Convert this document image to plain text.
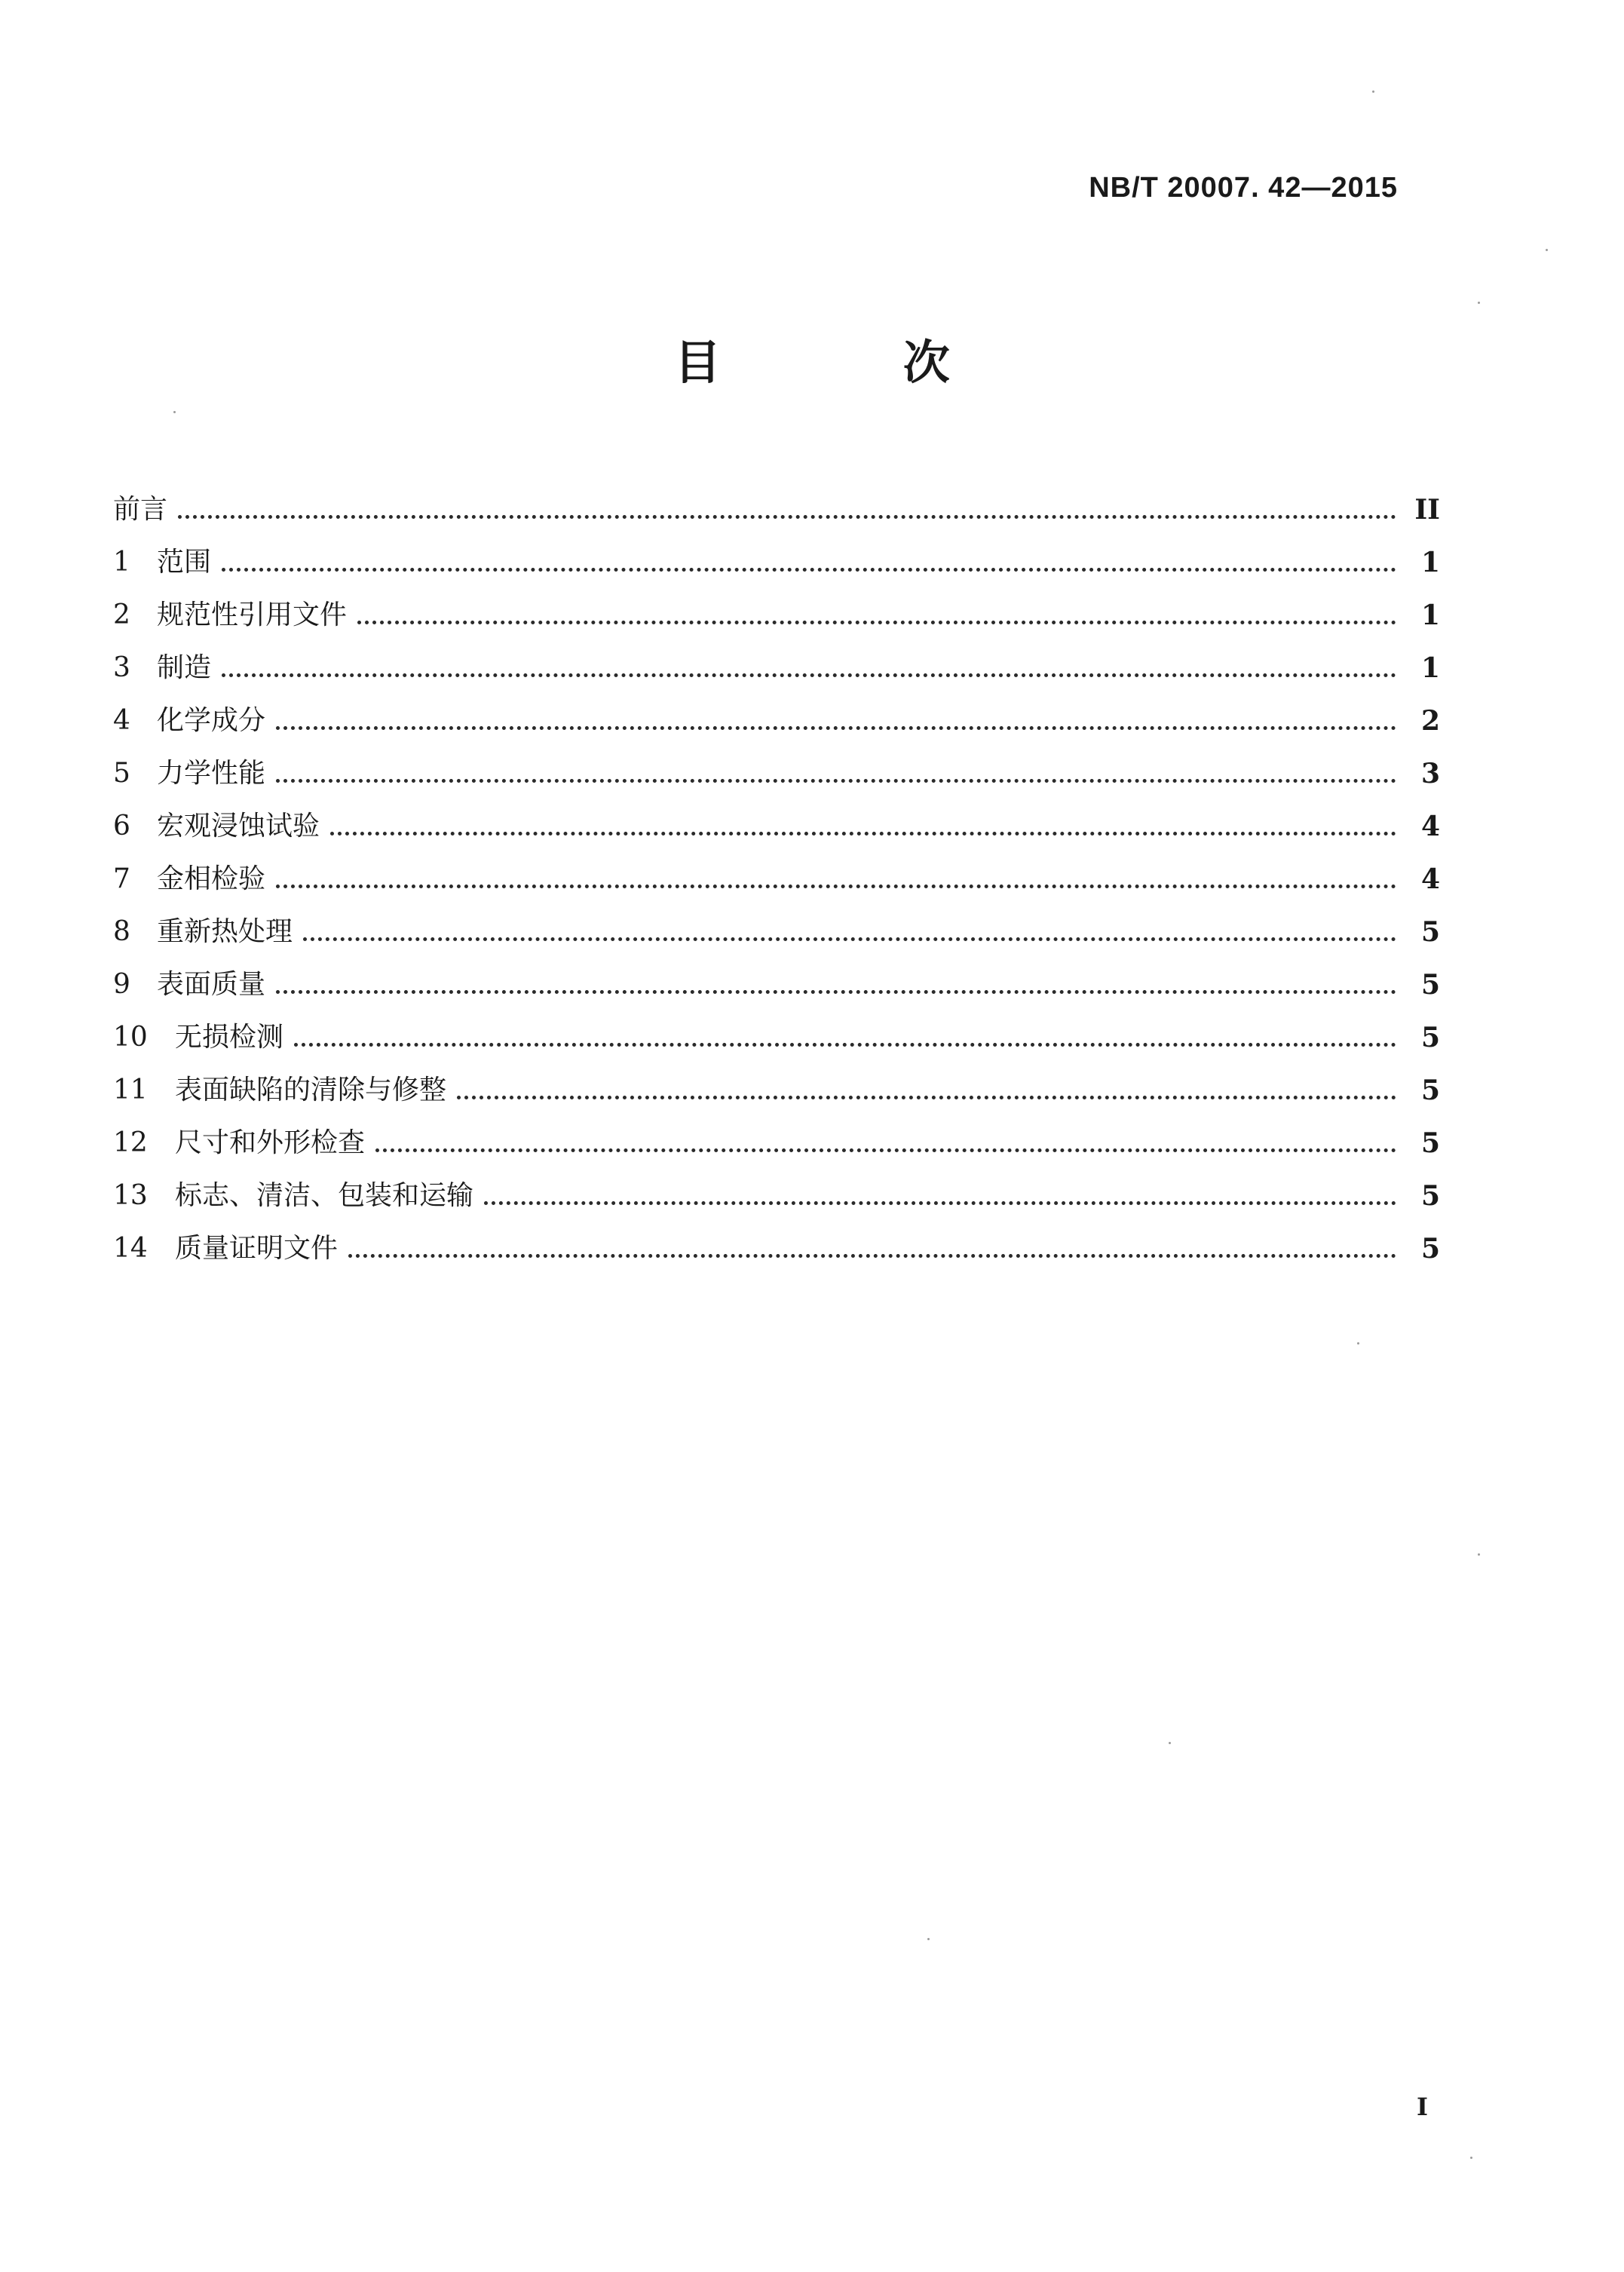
NB/T 20007. 42—2015

目 次
前言	II
1 范围	1
2 规范性引用文件	1
3 制造	1
4 化学成分	2
5 力学性能	3
6 宏观浸蚀试验	4
7 金相检验	4
8 重新热处理	5
9 表面质量	5
10	无损检测	5
11	表面缺陷的清除与修整	5
12	尺寸和外形检查	5
13	标志、清洁、包装和运输	5
14	质量证明文件	5

I
